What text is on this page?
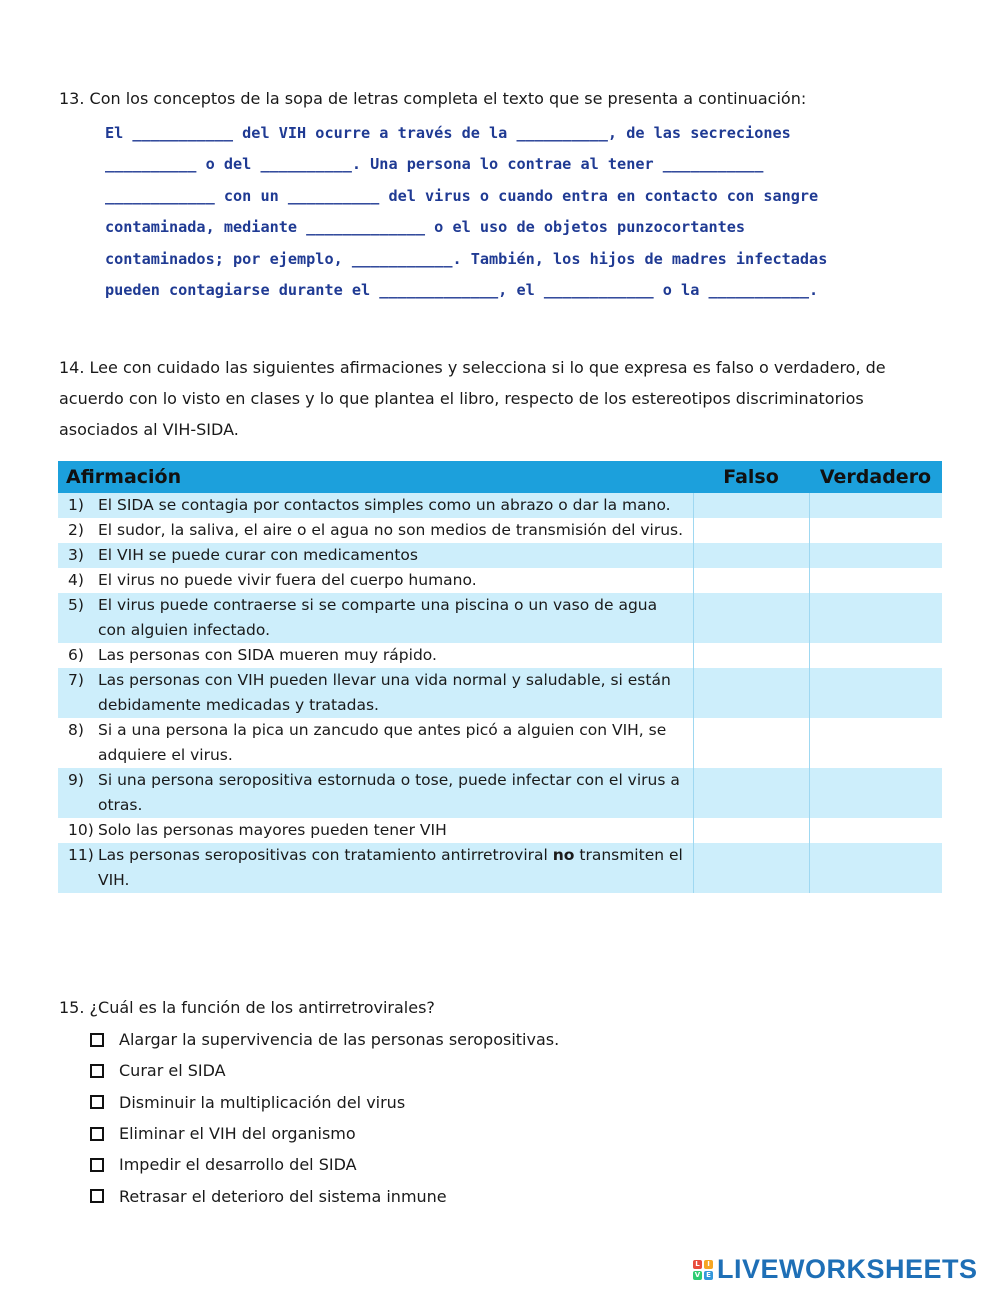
13. Con los conceptos de la sopa de letras completa el texto que se presenta a continuación:

El ___________ del VIH ocurre a través de la __________, de las secreciones
__________ o del __________. Una persona lo contrae al tener ___________
____________ con un __________ del virus o cuando entra en contacto con sangre
contaminada, mediante _____________ o el uso de objetos punzocortantes
contaminados; por ejemplo, ___________. También, los hijos de madres infectadas
pueden contagiarse durante el _____________, el ____________ o la ___________.

14. Lee con cuidado las siguientes afirmaciones y selecciona si lo que expresa es falso o verdadero, de acuerdo con lo visto en clases y lo que plantea el libro, respecto de los estereotipos discriminatorios asociados al VIH-SIDA.

Afirmación	Falso	Verdadero

1) El SIDA se contagia por contactos simples como un abrazo o dar la mano.		

2) El sudor, la saliva, el aire o el agua no son medios de transmisión del virus.		

3) El VIH se puede curar con medicamentos		

4) El virus no puede vivir fuera del cuerpo humano.		

5) El virus puede contraerse si se comparte una piscina o un vaso de agua con alguien infectado.		

6) Las personas con SIDA mueren muy rápido.		

7) Las personas con VIH pueden llevar una vida normal y saludable, si están debidamente medicadas y tratadas.		

8) Si a una persona la pica un zancudo que antes picó a alguien con VIH, se adquiere el virus.		

9) Si una persona seropositiva estornuda o tose, puede infectar con el virus a otras.		

10) Solo las personas mayores pueden tener VIH		

11) Las personas seropositivas con tratamiento antirretroviral no transmiten el VIH.		

15. ¿Cuál es la función de los antirretrovirales?

Alargar la supervivencia de las personas seropositivas.
Curar el SIDA
Disminuir la multiplicación del virus
Eliminar el VIH del organismo
Impedir el desarrollo del SIDA
Retrasar el deterioro del sistema inmune
L	I
V E LIVEWORKSHEETS
